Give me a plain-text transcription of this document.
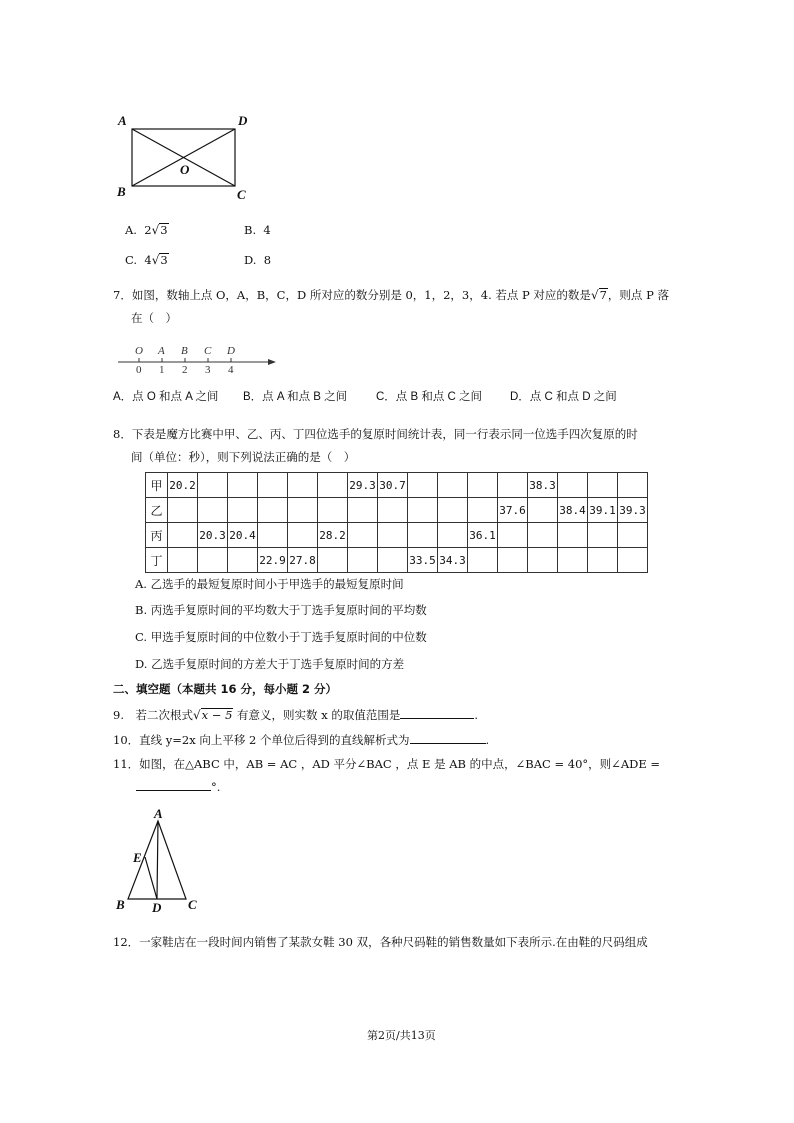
A	D
B	C
O
A. 2√3	B. 4
C. 4√3	D. 8
7．如图，数轴上点 O，A，B，C，D 所对应的数分别是 0，1，2，3，4. 若点 P 对应的数是√7，则点 P 落
在（　）
O A B C D
0 1 2 3 4
A．点 O 和点 A 之间 B．点 A 和点 B 之间	C．点 B 和点 C 之间 D．点 C 和点 D 之间
8．下表是魔方比赛中甲、乙、丙、丁四位选手的复原时间统计表，同一行表示同一位选手四次复原的时
间（单位：秒），则下列说法正确的是（　）
甲	20.2						29.3	30.7					38.3			
乙												37.6		38.4	39.1	39.3
丙		20.3	20.4			28.2					36.1					
丁				22.9	27.8				33.5	34.3						
A. 乙选手的最短复原时间小于甲选手的最短复原时间
B. 丙选手复原时间的平均数大于丁选手复原时间的平均数
C. 甲选手复原时间的中位数小于丁选手复原时间的中位数
D. 乙选手复原时间的方差大于丁选手复原时间的方差
二、填空题（本题共 16 分，每小题 2 分）
9.　若二次根式√x − 5 有意义，则实数 x 的取值范围是	.
10．直线 y=2x 向上平移 2 个单位后得到的直线解析式为	.
11．如图，在△ABC 中，AB = AC ，AD 平分∠BAC ，点 E 是 AB 的中点，∠BAC = 40°，则∠ADE =
°.
A
E
B D C
12．一家鞋店在一段时间内销售了某款女鞋 30 双，各种尺码鞋的销售数量如下表所示.在由鞋的尺码组成
第2页/共13页
